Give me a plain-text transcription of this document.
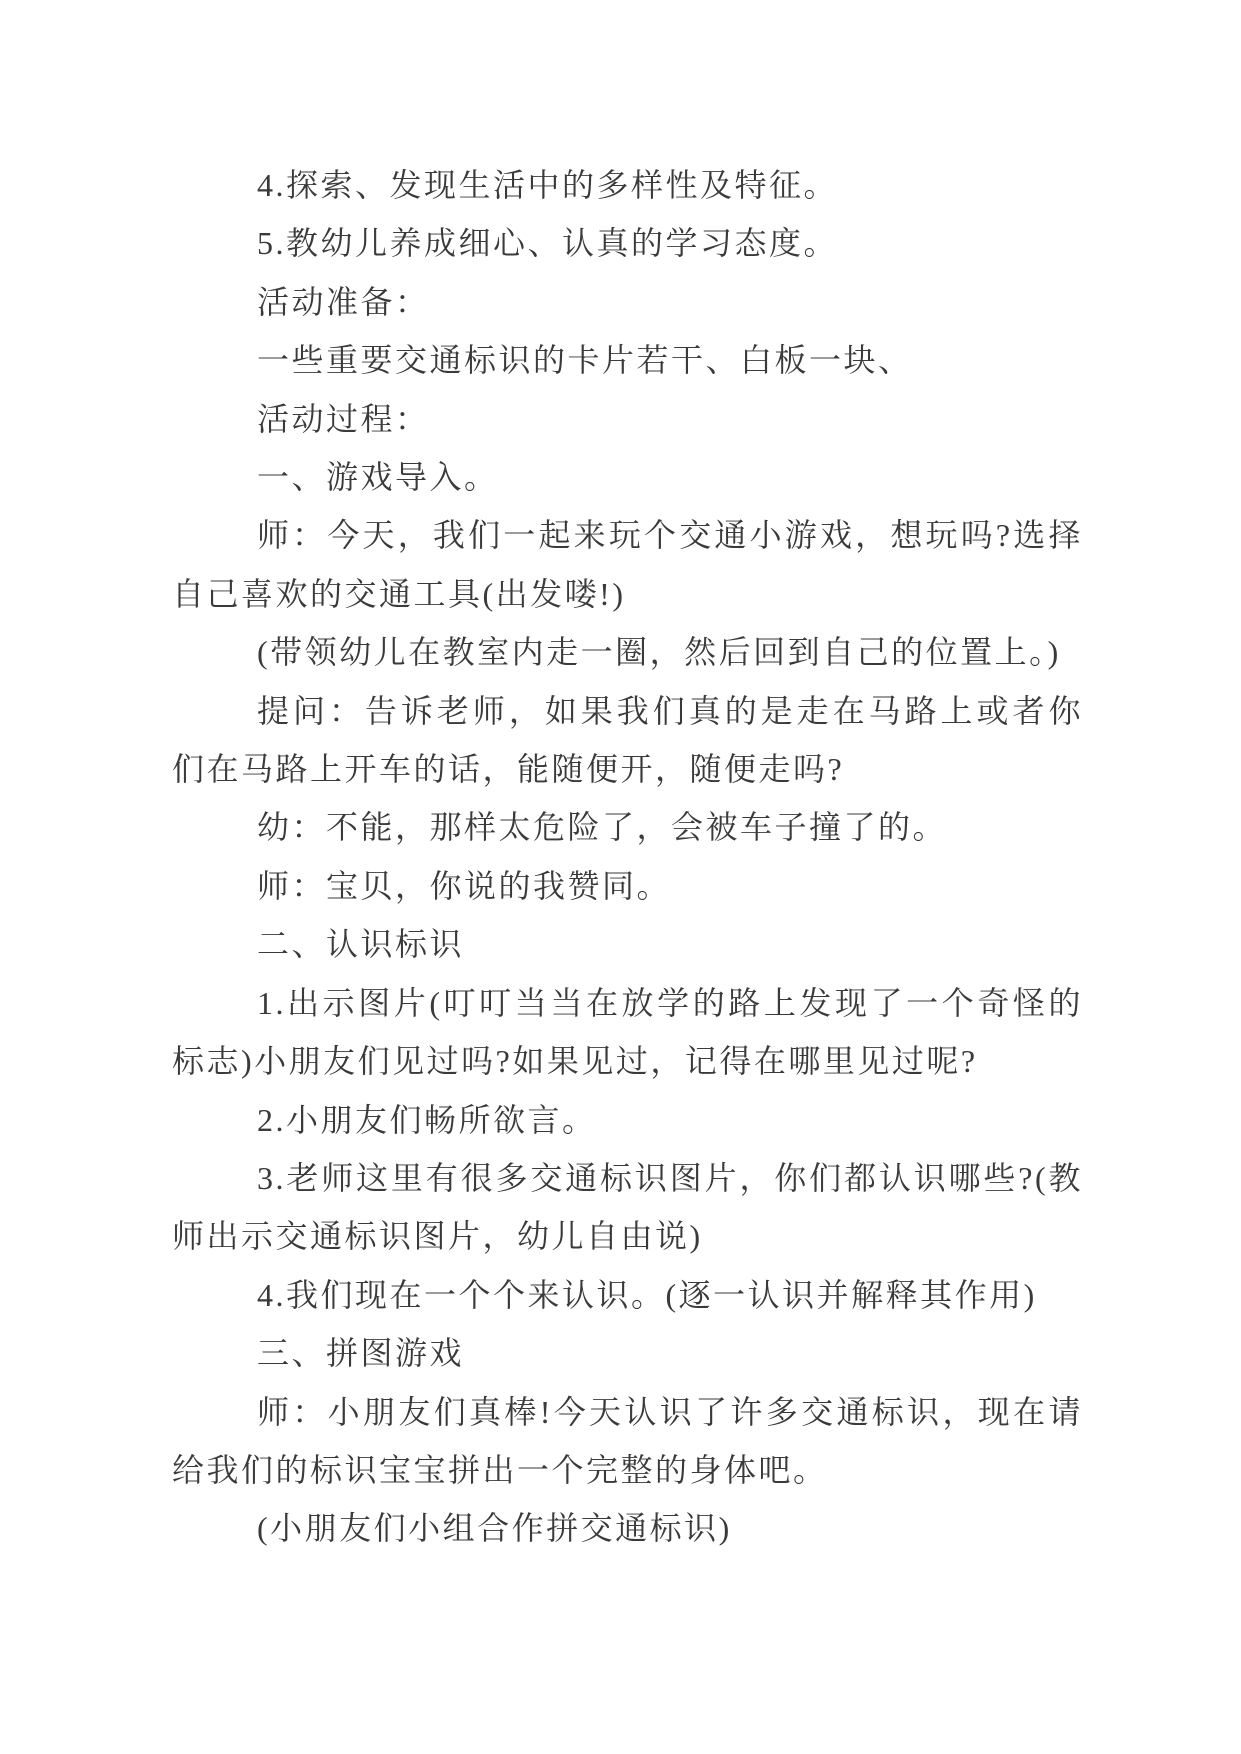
4.探索、发现生活中的多样性及特征。

5.教幼儿养成细心、认真的学习态度。

活动准备：

一些重要交通标识的卡片若干、白板一块、

活动过程：

一、游戏导入。

师：今天，我们一起来玩个交通小游戏，想玩吗?选择自己喜欢的交通工具(出发喽!)

(带领幼儿在教室内走一圈，然后回到自己的位置上。)

提问：告诉老师，如果我们真的是走在马路上或者你们在马路上开车的话，能随便开，随便走吗?

幼：不能，那样太危险了，会被车子撞了的。

师：宝贝，你说的我赞同。

二、认识标识

1.出示图片(叮叮当当在放学的路上发现了一个奇怪的标志)小朋友们见过吗?如果见过，记得在哪里见过呢?

2.小朋友们畅所欲言。

3.老师这里有很多交通标识图片，你们都认识哪些?(教师出示交通标识图片，幼儿自由说)

4.我们现在一个个来认识。(逐一认识并解释其作用)

三、拼图游戏

师：小朋友们真棒!今天认识了许多交通标识，现在请给我们的标识宝宝拼出一个完整的身体吧。

(小朋友们小组合作拼交通标识)
